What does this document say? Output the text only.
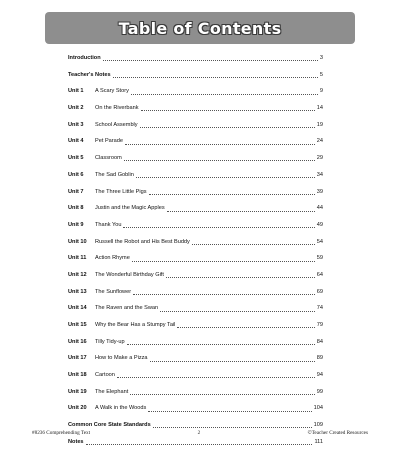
Table of Contents
Introduction	3
Teacher's Notes	5
Unit 1	A Scary Story	9
Unit 2	On the Riverbank	14
Unit 3	School Assembly	19
Unit 4	Pet Parade	24
Unit 5	Classroom	29
Unit 6	The Sad Goblin	34
Unit 7	The Three Little Pigs	39
Unit 8	Justin and the Magic Apples	44
Unit 9	Thank You	49
Unit 10	Russell the Robot and His Best Buddy	54
Unit 11	Action Rhyme	59
Unit 12	The Wonderful Birthday Gift	64
Unit 13	The Sunflower	69
Unit 14	The Raven and the Swan	74
Unit 15	Why the Bear Has a Stumpy Tail	79
Unit 16	Tilly Tidy-up	84
Unit 17	How to Make a Pizza	89
Unit 18	Cartoon	94
Unit 19	The Elephant	99
Unit 20	A Walk in the Woods	104
Common Core State Standards	109
Notes	111
#8236 Comprehending Text	2	©Teacher Created Resources
